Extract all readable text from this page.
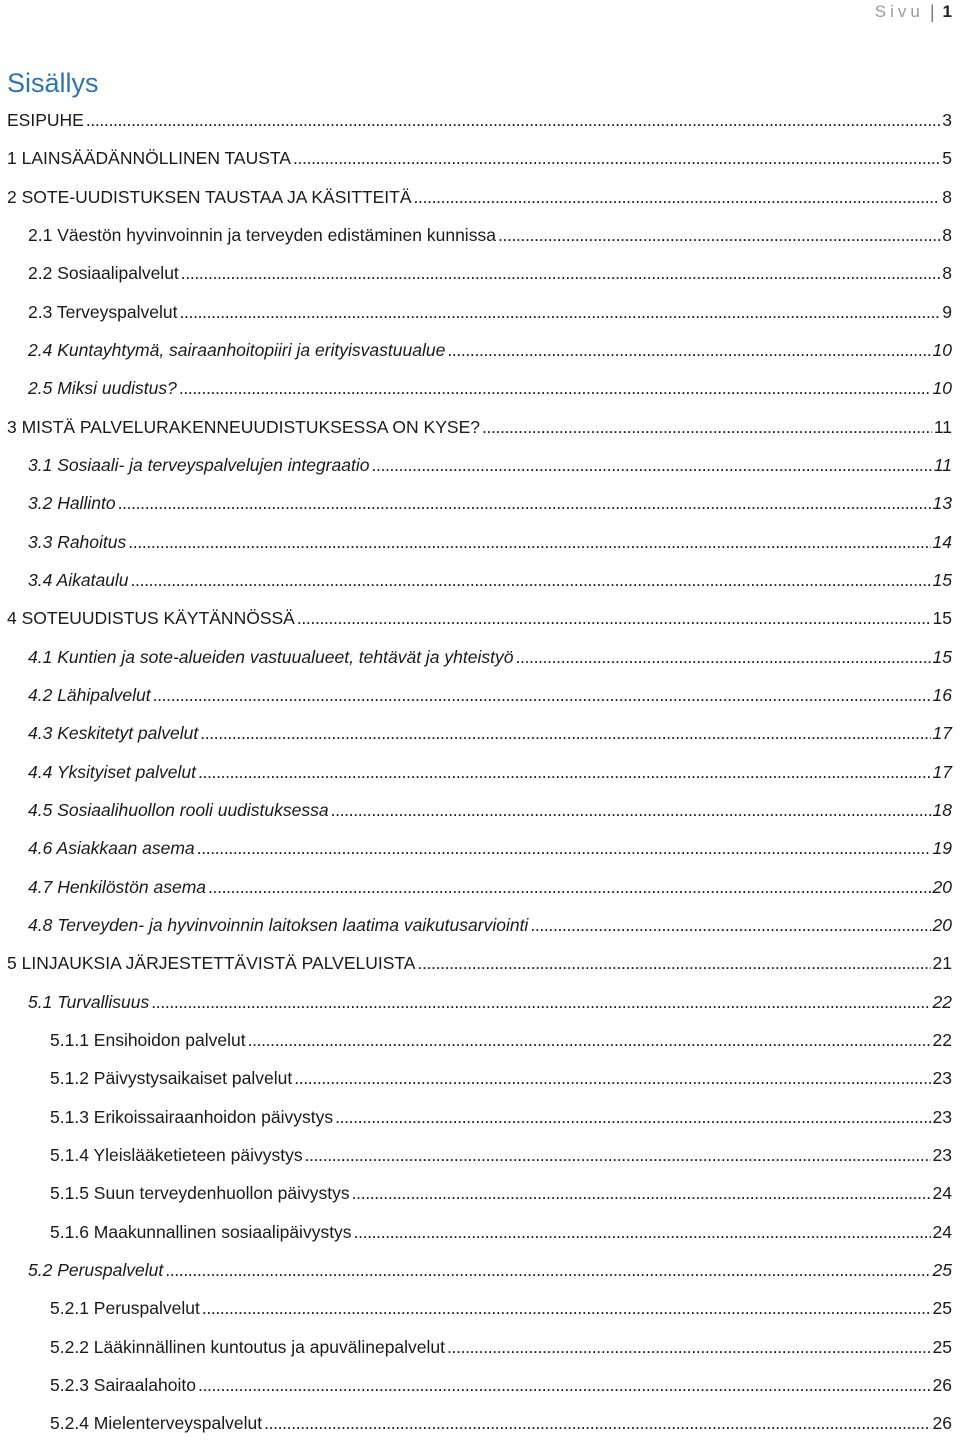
Sivu | 1
Sisällys
ESIPUHE . . .	3
1 LAINSÄÄDÄNNÖLLINEN TAUSTA . . .	5
2 SOTE-UUDISTUKSEN TAUSTAA JA KÄSITTEITÄ . . .	8
2.1 Väestön hyvinvoinnin ja terveyden edistäminen kunnissa . . .	8
2.2 Sosiaalipalvelut . . .	8
2.3 Terveyspalvelut . . .	9
2.4 Kuntayhtymä, sairaanhoitopiiri ja erityisvastuualue . . .	10
2.5 Miksi uudistus? . . .	10
3 MISTÄ PALVELURAKENNEUUDISTUKSESSA ON KYSE? . . .	11
3.1 Sosiaali- ja terveyspalvelujen integraatio . . .	11
3.2 Hallinto . . .	13
3.3 Rahoitus . . .	14
3.4 Aikataulu . . .	15
4 SOTEUUDISTUS KÄYTÄNNÖSSÄ . . .	15
4.1 Kuntien ja sote-alueiden vastuualueet, tehtävät ja yhteistyö . . .	15
4.2 Lähipalvelut . . .	16
4.3 Keskitetyt palvelut . . .	17
4.4 Yksityiset palvelut . . .	17
4.5 Sosiaalihuollon rooli uudistuksessa . . .	18
4.6 Asiakkaan asema . . .	19
4.7 Henkilöstön asema . . .	20
4.8 Terveyden- ja hyvinvoinnin laitoksen laatima vaikutusarviointi . . .	20
5 LINJAUKSIA JÄRJESTETTÄVISTÄ PALVELUISTA . . .	21
5.1 Turvallisuus . . .	22
5.1.1 Ensihoidon palvelut . . .	22
5.1.2 Päivystysaikaiset palvelut . . .	23
5.1.3 Erikoissairaanhoidon päivystys . . .	23
5.1.4 Yleislääketieteen päivystys . . .	23
5.1.5 Suun terveydenhuollon päivystys . . .	24
5.1.6 Maakunnallinen sosiaalipäivystys . . .	24
5.2 Peruspalvelut . . .	25
5.2.1 Peruspalvelut . . .	25
5.2.2 Lääkinnällinen kuntoutus ja apuvälinepalvelut . . .	25
5.2.3 Sairaalahoito . . .	26
5.2.4 Mielenterveyspalvelut . . .	26
